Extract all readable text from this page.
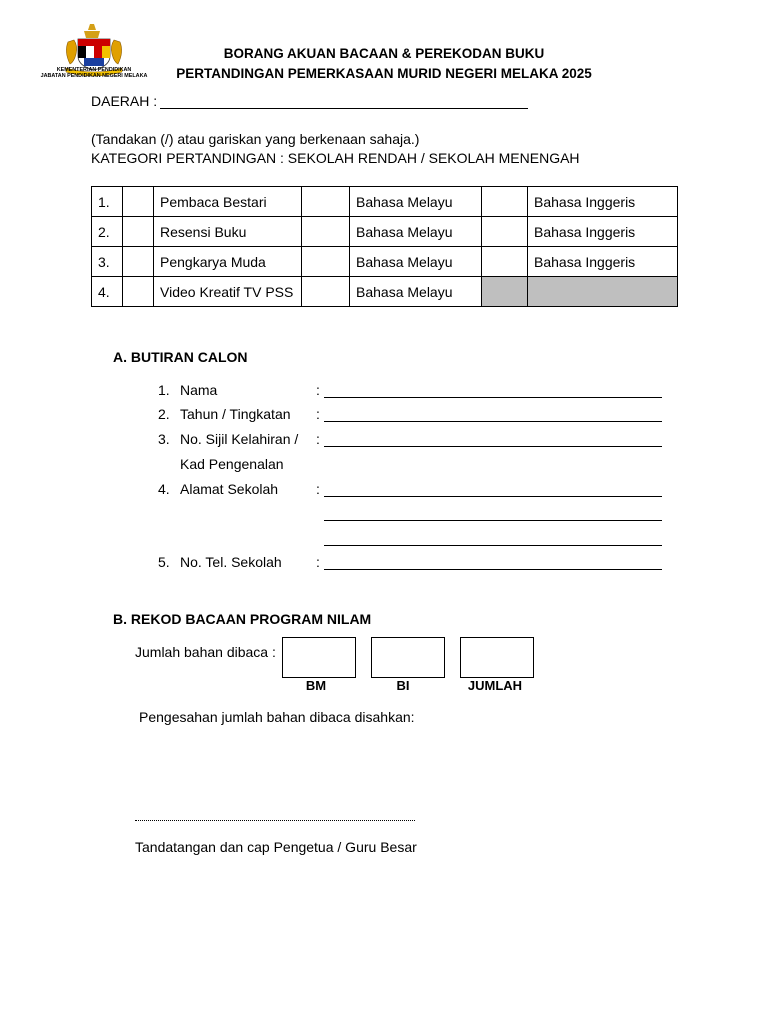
KEMENTERIAN PENDIDIKAN
JABATAN PENDIDIKAN NEGERI MELAKA
BORANG AKUAN BACAAN & PEREKODAN BUKU
PERTANDINGAN PEMERKASAAN MURID NEGERI MELAKA 2025
DAERAH :
(Tandakan (/) atau gariskan yang berkenaan sahaja.)
KATEGORI PERTANDINGAN : SEKOLAH RENDAH / SEKOLAH MENENGAH
1.		Pembaca Bestari		Bahasa Melayu		Bahasa Inggeris
2.		Resensi Buku		Bahasa Melayu		Bahasa Inggeris
3.		Pengkarya Muda		Bahasa Melayu		Bahasa Inggeris
4.		Video Kreatif TV PSS		Bahasa Melayu		
A. BUTIRAN CALON
1. Nama	:
2. Tahun / Tingkatan :
3. No. Sijil Kelahiran /
Kad Pengenalan
:
4. Alamat Sekolah	:
5. No. Tel. Sekolah :
B. REKOD BACAAN PROGRAM NILAM
Jumlah bahan dibaca :
BM	BI	JUMLAH
Pengesahan jumlah bahan dibaca disahkan:
Tandatangan dan cap Pengetua / Guru Besar
